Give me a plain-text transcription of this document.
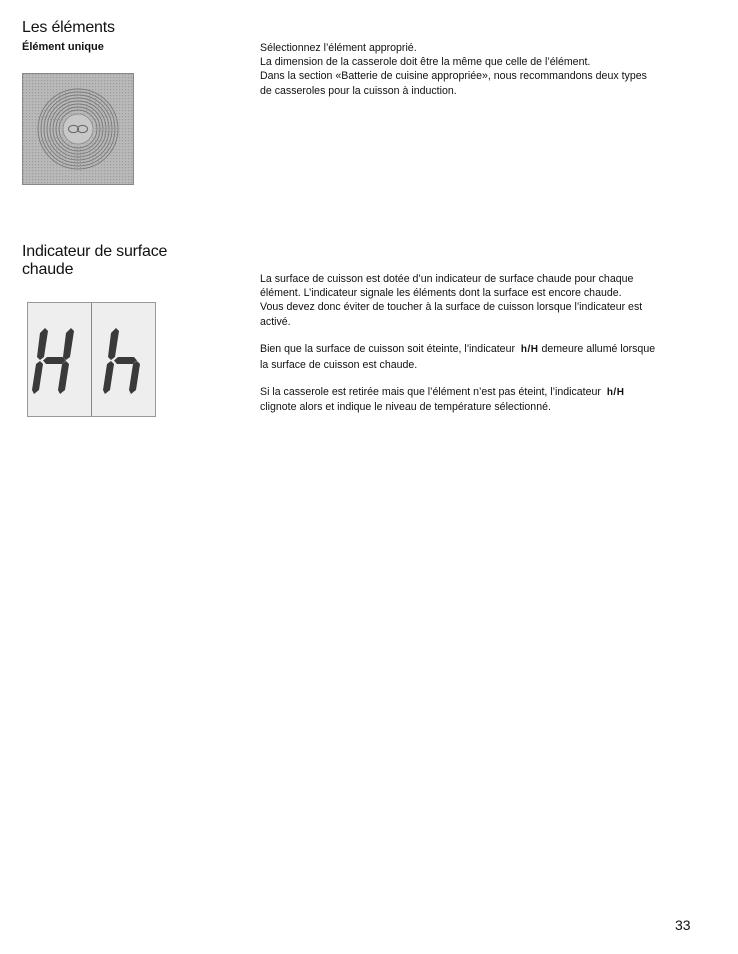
Les éléments
Élément unique	Sélectionnez l’élément approprié.
La dimension de la casserole doit être la même que celle de l’élément.
Dans la section «Batterie de cuisine appropriée», nous recommandons deux types
de casseroles pour la cuisson à induction.
Indicateur de surface
chaude

La surface de cuisson est dotée d’un indicateur de surface chaude pour chaque
élément. L’indicateur signale les éléments dont la surface est encore chaude.
Vous devez donc éviter de toucher à la surface de cuisson lorsque l’indicateur est
activé.

Bien que la surface de cuisson soit éteinte, l’indicateur h/H demeure allumé lorsque
la surface de cuisson est chaude.

Si la casserole est retirée mais que l’élément n’est pas éteint, l’indicateur h/H
clignote alors et indique le niveau de température sélectionné.

33
